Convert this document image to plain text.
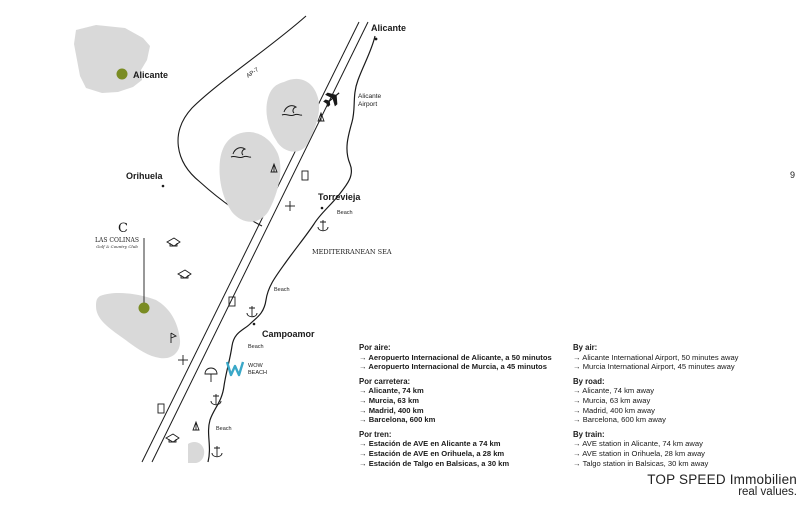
Alicante	AP-7
C
LAS COLINAS
Golf & Country Club
Alicante
Alicante
Airport
Orihuela
Torrevieja
Beach
MEDITERRANEAN SEA
Beach
Campoamor
Beach
Beach
WOW
BEACH
Por aire:
→ Aeropuerto Internacional de Alicante, a 50 minutos
→ Aeropuerto Internacional de Murcia, a 45 minutos
Por carretera:
→ Alicante, 74 km
→ Murcia, 63 km
→ Madrid, 400 km
→ Barcelona, 600 km
Por tren:
→ Estación de AVE en Alicante a 74 km
→ Estación de AVE en Orihuela, a 28 km
→ Estación de Talgo en Balsicas, a 30 km
By air:
→ Alicante International Airport, 50 minutes away
→ Murcia International Airport, 45 minutes away
By road:
→ Alicante, 74 km away
→ Murcia, 63 km away
→ Madrid, 400 km away
→ Barcelona, 600 km away
By train:
→ AVE station in Alicante, 74 km away
→ AVE station in Orihuela, 28 km away
→ Talgo station in Balsicas, 30 km away
9
TOP SPEED Immobilien
real values.
